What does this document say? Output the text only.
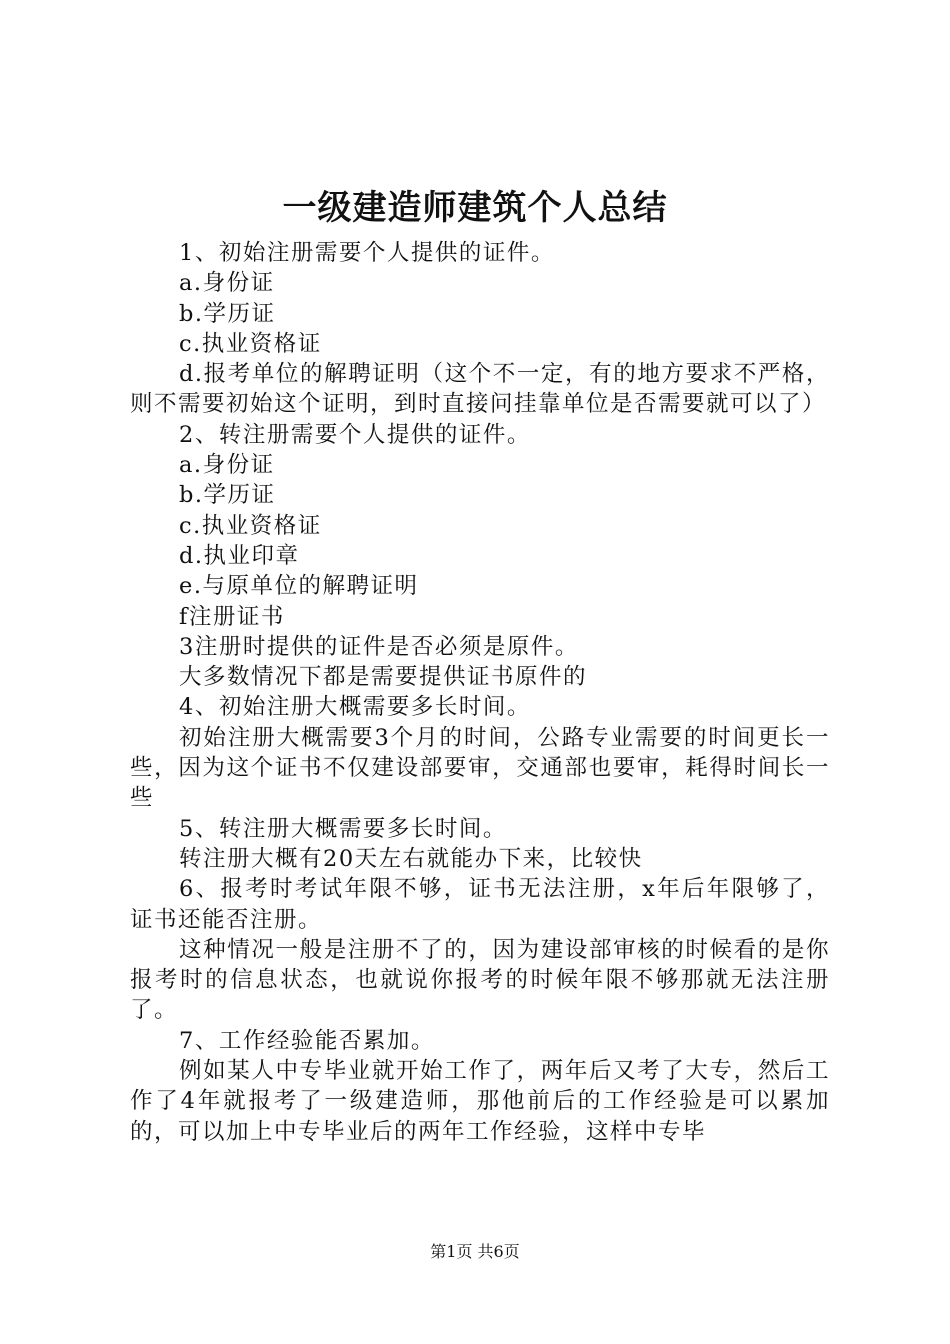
一级建造师建筑个人总结

1、初始注册需要个人提供的证件。

a.身份证

b.学历证

c.执业资格证

d.报考单位的解聘证明（这个不一定，有的地方要求不严格，则不需要初始这个证明，到时直接问挂靠单位是否需要就可以了）

2、转注册需要个人提供的证件。

a.身份证

b.学历证

c.执业资格证

d.执业印章

e.与原单位的解聘证明

f注册证书

3注册时提供的证件是否必须是原件。

大多数情况下都是需要提供证书原件的

4、初始注册大概需要多长时间。

初始注册大概需要3个月的时间，公路专业需要的时间更长一些，因为这个证书不仅建设部要审，交通部也要审，耗得时间长一些

5、转注册大概需要多长时间。

转注册大概有20天左右就能办下来，比较快

6、报考时考试年限不够，证书无法注册，x年后年限够了，证书还能否注册。

这种情况一般是注册不了的，因为建设部审核的时候看的是你报考时的信息状态，也就说你报考的时候年限不够那就无法注册了。

7、工作经验能否累加。

例如某人中专毕业就开始工作了，两年后又考了大专，然后工作了4年就报考了一级建造师，那他前后的工作经验是可以累加的，可以加上中专毕业后的两年工作经验，这样中专毕

第1页 共6页
